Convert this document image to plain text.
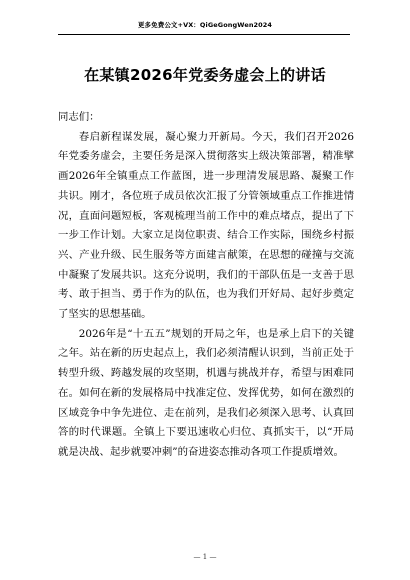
更多免费公文+VX：QiGeGongWen2024
在某镇2026年党委务虚会上的讲话

同志们：

春启新程谋发展，凝心聚力开新局。今天，我们召开2026年党委务虚会，主要任务是深入贯彻落实上级决策部署，精准擘画2026年全镇重点工作蓝图，进一步理清发展思路、凝聚工作共识。刚才，各位班子成员依次汇报了分管领域重点工作推进情况，直面问题短板，客观梳理当前工作中的难点堵点，提出了下一步工作计划。大家立足岗位职责、结合工作实际，围绕乡村振兴、产业升级、民生服务等方面建言献策，在思想的碰撞与交流中凝聚了发展共识。这充分说明，我们的干部队伍是一支善于思考、敢于担当、勇于作为的队伍，也为我们开好局、起好步奠定了坚实的思想基础。

2026年是“十五五”规划的开局之年，也是承上启下的关键之年。站在新的历史起点上，我们必须清醒认识到，当前正处于转型升级、跨越发展的攻坚期，机遇与挑战并存，希望与困难同在。如何在新的发展格局中找准定位、发挥优势，如何在激烈的区域竞争中争先进位、走在前列，是我们必须深入思考、认真回答的时代课题。全镇上下要迅速收心归位、真抓实干，以“开局就是决战、起步就要冲刺”的奋进姿态推动各项工作提质增效。

— 1 —
